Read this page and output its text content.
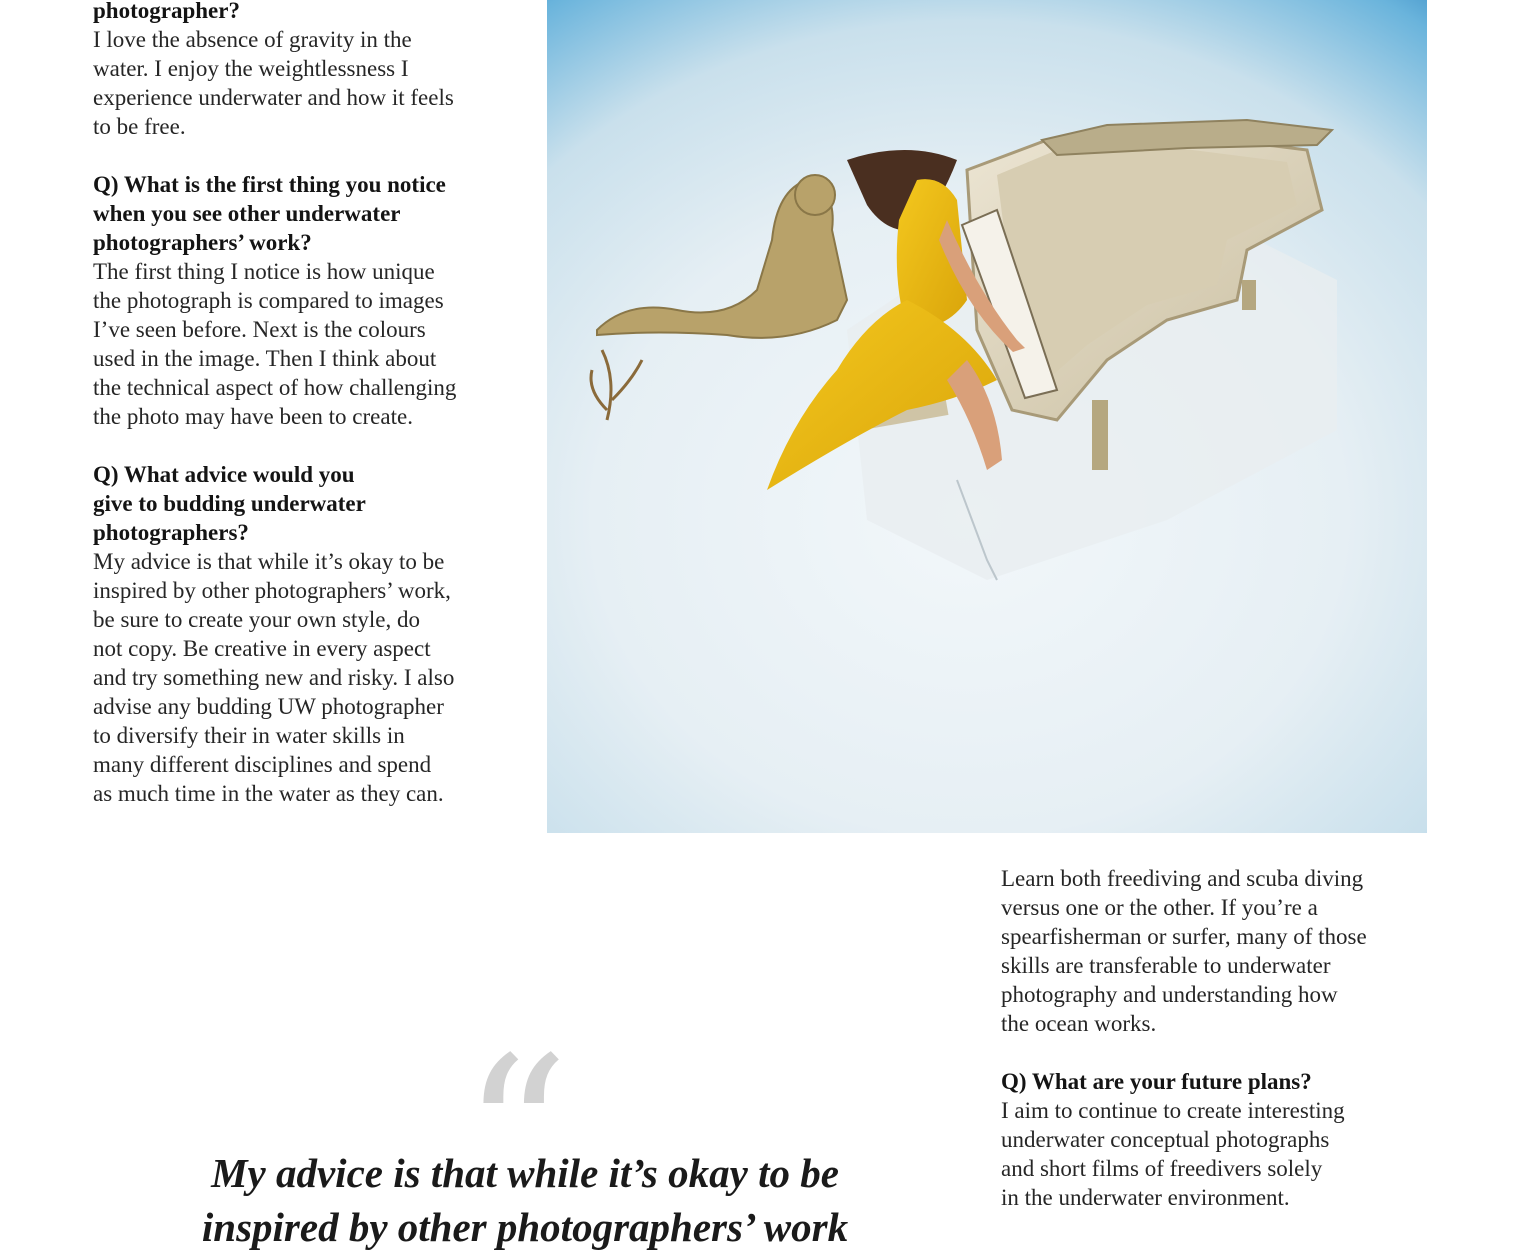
photographer?

I love the absence of gravity in the
water. I enjoy the weightlessness I
experience underwater and how it feels
to be free.

Q) What is the first thing you notice
when you see other underwater
photographers’ work?

The first thing I notice is how unique
the photograph is compared to images
I’ve seen before. Next is the colours
used in the image. Then I think about
the technical aspect of how challenging
the photo may have been to create.

Q) What advice would you
give to budding underwater
photographers?

My advice is that while it’s okay to be
inspired by other photographers’ work,
be sure to create your own style, do
not copy. Be creative in every aspect
and try something new and risky. I also
advise any budding UW photographer
to diversify their in water skills in
many different disciplines and spend
as much time in the water as they can.

Learn both freediving and scuba diving
versus one or the other. If you’re a
spearfisherman or surfer, many of those
skills are transferable to underwater
photography and understanding how
the ocean works.

Q) What are your future plans?

I aim to continue to create interesting
underwater conceptual photographs
and short films of freedivers solely
in the underwater environment.

“
My advice is that while it’s okay to be
inspired by other photographers’ work
